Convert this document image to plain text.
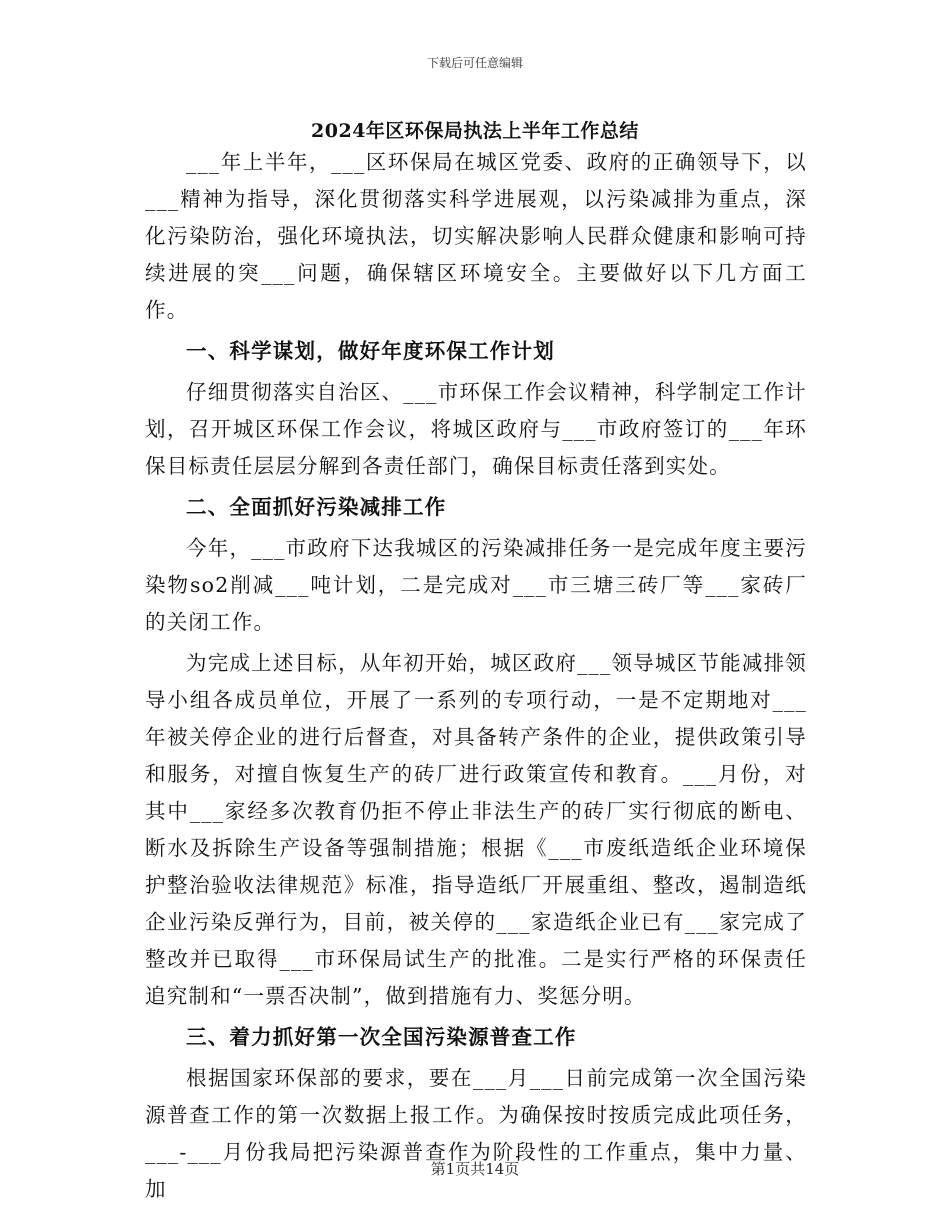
下载后可任意编辑
2024年区环保局执法上半年工作总结

___年上半年，___区环保局在城区党委、政府的正确领导下，以___精神为指导，深化贯彻落实科学进展观，以污染减排为重点，深化污染防治，强化环境执法，切实解决影响人民群众健康和影响可持续进展的突___问题，确保辖区环境安全。主要做好以下几方面工作。

一、科学谋划，做好年度环保工作计划

仔细贯彻落实自治区、___市环保工作会议精神，科学制定工作计划，召开城区环保工作会议，将城区政府与___市政府签订的___年环保目标责任层层分解到各责任部门，确保目标责任落到实处。

二、全面抓好污染减排工作

今年，___市政府下达我城区的污染减排任务一是完成年度主要污染物so2削减___吨计划，二是完成对___市三塘三砖厂等___家砖厂的关闭工作。

为完成上述目标，从年初开始，城区政府___领导城区节能减排领导小组各成员单位，开展了一系列的专项行动，一是不定期地对___年被关停企业的进行后督查，对具备转产条件的企业，提供政策引导和服务，对擅自恢复生产的砖厂进行政策宣传和教育。___月份，对其中___家经多次教育仍拒不停止非法生产的砖厂实行彻底的断电、断水及拆除生产设备等强制措施；根据《___市废纸造纸企业环境保护整治验收法律规范》标准，指导造纸厂开展重组、整改，遏制造纸企业污染反弹行为，目前，被关停的___家造纸企业已有___家完成了整改并已取得___市环保局试生产的批准。二是实行严格的环保责任追究制和“一票否决制”，做到措施有力、奖惩分明。

三、着力抓好第一次全国污染源普查工作

根据国家环保部的要求，要在___月___日前完成第一次全国污染源普查工作的第一次数据上报工作。为确保按时按质完成此项任务，___-___月份我局把污染源普查作为阶段性的工作重点，集中力量、加

第1页共14页
